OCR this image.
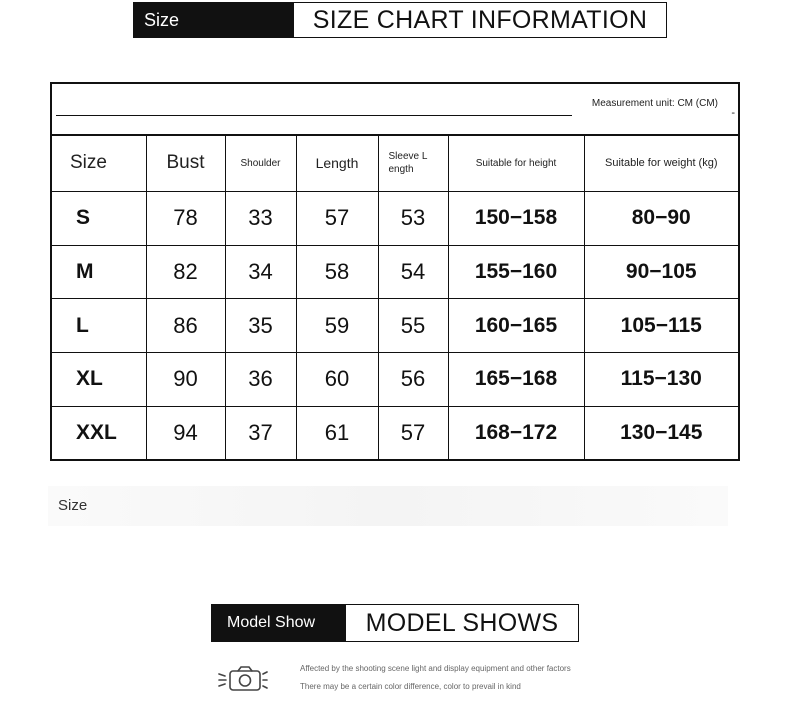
Size	SIZE CHART INFORMATION
Measurement unit: CM (CM)
-
Size	Bust	Shoulder	Length	Sleeve L ength	Suitable for height	Suitable for weight (kg)
S	78	33	57	53	150−158	80−90
M	82	34	58	54	155−160	90−105
L	86	35	59	55	160−165	105−115
XL	90	36	60	56	165−168	115−130
XXL	94	37	61	57	168−172	130−145
Size
Model Show	MODEL SHOWS
Affected by the shooting scene light and display equipment and other factors
There may be a certain color difference, color to prevail in kind
